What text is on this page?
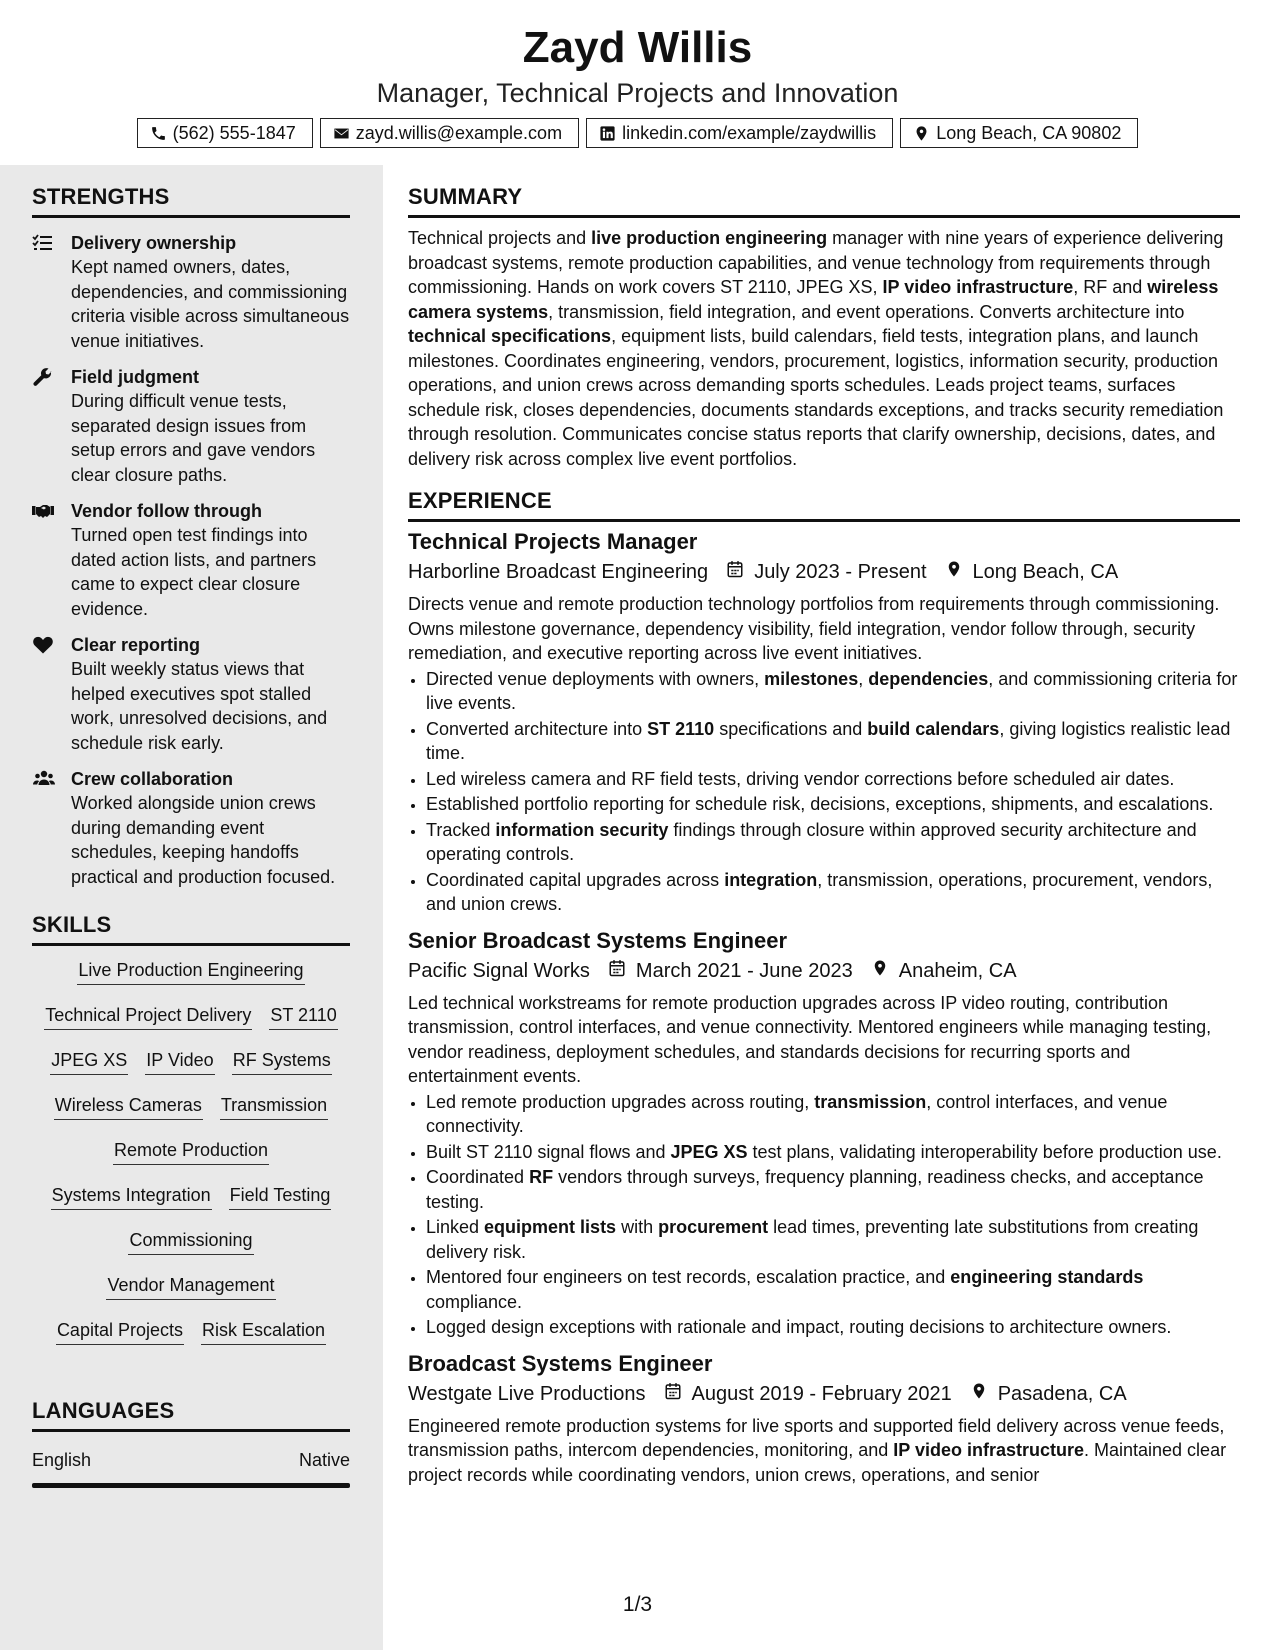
Zayd Willis
Manager, Technical Projects and Innovation
(562) 555-1847	zayd.willis@example.com	linkedin.com/example/zaydwillis	Long Beach, CA 90802
STRENGTHS
Delivery ownership
Kept named owners, dates, dependencies, and commissioning criteria visible across simultaneous venue initiatives.
Field judgment
During difficult venue tests, separated design issues from setup errors and gave vendors clear closure paths.
Vendor follow through
Turned open test findings into dated action lists, and partners came to expect clear closure evidence.
Clear reporting
Built weekly status views that helped executives spot stalled work, unresolved decisions, and schedule risk early.
Crew collaboration
Worked alongside union crews during demanding event schedules, keeping handoffs practical and production focused.
SKILLS
Live Production Engineering
Technical Project Delivery ST 2110
JPEG XS IP Video RF Systems
Wireless Cameras Transmission
Remote Production
Systems Integration Field Testing
Commissioning
Vendor Management
Capital Projects Risk Escalation
LANGUAGES
English	Native
SUMMARY
Technical projects and live production engineering manager with nine years of experience delivering broadcast systems, remote production capabilities, and venue technology from requirements through commissioning. Hands on work covers ST 2110, JPEG XS, IP video infrastructure, RF and wireless camera systems, transmission, field integration, and event operations. Converts architecture into technical specifications, equipment lists, build calendars, field tests, integration plans, and launch milestones. Coordinates engineering, vendors, procurement, logistics, information security, production operations, and union crews across demanding sports schedules. Leads project teams, surfaces schedule risk, closes dependencies, documents standards exceptions, and tracks security remediation through resolution. Communicates concise status reports that clarify ownership, decisions, dates, and delivery risk across complex live event portfolios.
EXPERIENCE
Technical Projects Manager
Harborline Broadcast Engineering July 2023 - Present Long Beach, CA
Directs venue and remote production technology portfolios from requirements through commissioning. Owns milestone governance, dependency visibility, field integration, vendor follow through, security remediation, and executive reporting across live event initiatives.
• Directed venue deployments with owners, milestones, dependencies, and commissioning criteria for live events.
• Converted architecture into ST 2110 specifications and build calendars, giving logistics realistic lead time.
• Led wireless camera and RF field tests, driving vendor corrections before scheduled air dates.
• Established portfolio reporting for schedule risk, decisions, exceptions, shipments, and escalations.
• Tracked information security findings through closure within approved security architecture and operating controls.
• Coordinated capital upgrades across integration, transmission, operations, procurement, vendors, and union crews.
Senior Broadcast Systems Engineer
Pacific Signal Works March 2021 - June 2023 Anaheim, CA
Led technical workstreams for remote production upgrades across IP video routing, contribution transmission, control interfaces, and venue connectivity. Mentored engineers while managing testing, vendor readiness, deployment schedules, and standards decisions for recurring sports and entertainment events.
• Led remote production upgrades across routing, transmission, control interfaces, and venue connectivity.
• Built ST 2110 signal flows and JPEG XS test plans, validating interoperability before production use.
• Coordinated RF vendors through surveys, frequency planning, readiness checks, and acceptance testing.
• Linked equipment lists with procurement lead times, preventing late substitutions from creating delivery risk.
• Mentored four engineers on test records, escalation practice, and engineering standards compliance.
• Logged design exceptions with rationale and impact, routing decisions to architecture owners.
Broadcast Systems Engineer
Westgate Live Productions August 2019 - February 2021 Pasadena, CA
Engineered remote production systems for live sports and supported field delivery across venue feeds, transmission paths, intercom dependencies, monitoring, and IP video infrastructure. Maintained clear project records while coordinating vendors, union crews, operations, and senior
1/3
